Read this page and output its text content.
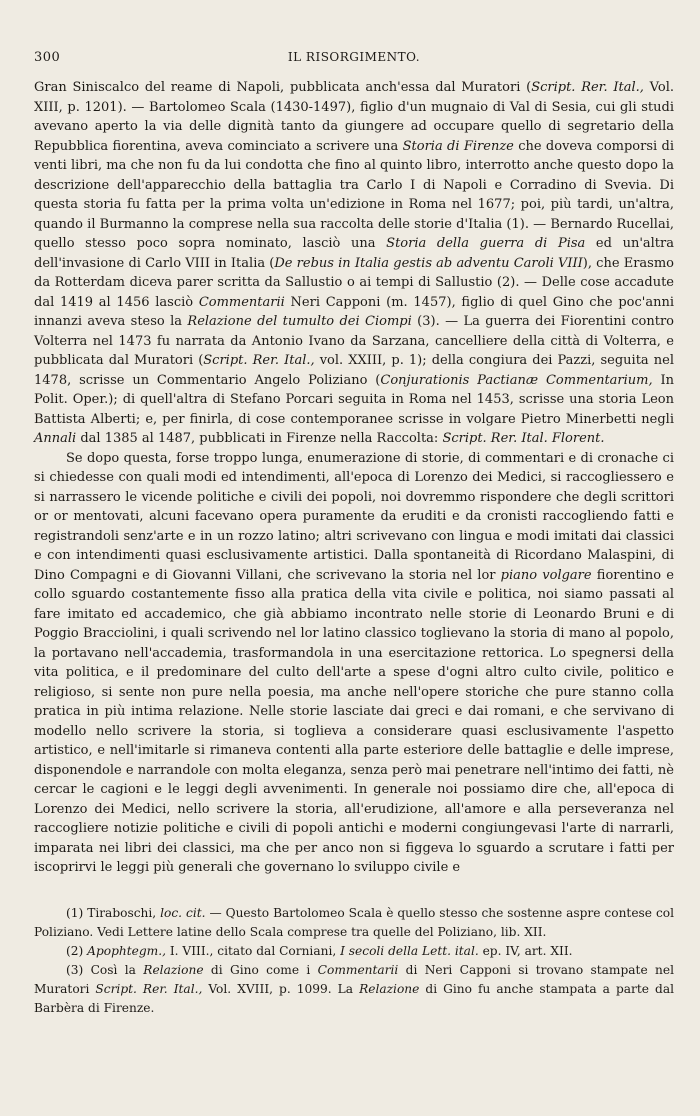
300	IL RISORGIMENTO.

Gran Siniscalco del reame di Napoli, pubblicata anch'essa dal Muratori (Script. Rer. Ital., Vol. XIII, p. 1201). — Bartolomeo Scala (1430-1497), figlio d'un mugnaio di Val di Sesia, cui gli studi avevano aperto la via delle dignità tanto da giungere ad occupare quello di segretario della Repubblica fiorentina, aveva cominciato a scrivere una Storia di Firenze che doveva comporsi di venti libri, ma che non fu da lui condotta che fino al quinto libro, interrotto anche questo dopo la descrizione dell'apparecchio della battaglia tra Carlo I di Napoli e Corradino di Svevia. Di questa storia fu fatta per la prima volta un'edizione in Roma nel 1677; poi, più tardi, un'altra, quando il Burmanno la comprese nella sua raccolta delle storie d'Italia (1). — Bernardo Rucellai, quello stesso poco sopra nominato, lasciò una Storia della guerra di Pisa ed un'altra dell'invasione di Carlo VIII in Italia (De rebus in Italia gestis ab adventu Caroli VIII), che Erasmo da Rotterdam diceva parer scritta da Sallustio o ai tempi di Sallustio (2). — Delle cose accadute dal 1419 al 1456 lasciò Commentarii Neri Capponi (m. 1457), figlio di quel Gino che poc'anni innanzi aveva steso la Relazione del tumulto dei Ciompi (3). — La guerra dei Fiorentini contro Volterra nel 1473 fu narrata da Antonio Ivano da Sarzana, cancelliere della città di Volterra, e pubblicata dal Muratori (Script. Rer. Ital., vol. XXIII, p. 1); della congiura dei Pazzi, seguita nel 1478, scrisse un Commentario Angelo Poliziano (Conjurationis Pactianæ Commentarium, In Polit. Oper.); di quell'altra di Stefano Porcari seguita in Roma nel 1453, scrisse una storia Leon Battista Alberti; e, per finirla, di cose contemporanee scrisse in volgare Pietro Minerbetti negli Annali dal 1385 al 1487, pubblicati in Firenze nella Raccolta: Script. Rer. Ital. Florent.

Se dopo questa, forse troppo lunga, enumerazione di storie, di commentari e di cronache ci si chiedesse con quali modi ed intendimenti, all'epoca di Lorenzo dei Medici, si raccogliessero e si narrassero le vicende politiche e civili dei popoli, noi dovremmo rispondere che degli scrittori or or mentovati, alcuni facevano opera puramente da eruditi e da cronisti raccogliendo fatti e registrandoli senz'arte e in un rozzo latino; altri scrivevano con lingua e modi imitati dai classici e con intendimenti quasi esclusivamente artistici. Dalla spontaneità di Ricordano Malaspini, di Dino Compagni e di Giovanni Villani, che scrivevano la storia nel lor piano volgare fiorentino e collo sguardo costantemente fisso alla pratica della vita civile e politica, noi siamo passati al fare imitato ed accademico, che già abbiamo incontrato nelle storie di Leonardo Bruni e di Poggio Bracciolini, i quali scrivendo nel lor latino classico toglievano la storia di mano al popolo, la portavano nell'accademia, trasformandola in una esercitazione rettorica. Lo spegnersi della vita politica, e il predominare del culto dell'arte a spese d'ogni altro culto civile, politico e religioso, si sente non pure nella poesia, ma anche nell'opere storiche che pure stanno colla pratica in più intima relazione. Nelle storie lasciate dai greci e dai romani, e che servivano di modello nello scrivere la storia, si toglieva a considerare quasi esclusivamente l'aspetto artistico, e nell'imitarle si rimaneva contenti alla parte esteriore delle battaglie e delle imprese, disponendole e narrandole con molta eleganza, senza però mai penetrare nell'intimo dei fatti, nè cercar le cagioni e le leggi degli avvenimenti. In generale noi possiamo dire che, all'epoca di Lorenzo dei Medici, nello scrivere la storia, all'erudizione, all'amore e alla perseveranza nel raccogliere notizie politiche e civili di popoli antichi e moderni congiungevasi l'arte di narrarli, imparata nei libri dei classici, ma che per anco non si figgeva lo sguardo a scrutare i fatti per iscoprirvi le leggi più generali che governano lo sviluppo civile e

(1) Tiraboschi, loc. cit. — Questo Bartolomeo Scala è quello stesso che sostenne aspre contese col Poliziano. Vedi Lettere latine dello Scala comprese tra quelle del Poliziano, lib. XII.

(2) Apophtegm., I. VIII., citato dal Corniani, I secoli della Lett. ital. ep. IV, art. XII.

(3) Così la Relazione di Gino come i Commentarii di Neri Capponi si trovano stampate nel Muratori Script. Rer. Ital., Vol. XVIII, p. 1099. La Relazione di Gino fu anche stampata a parte dal Barbèra di Firenze.
